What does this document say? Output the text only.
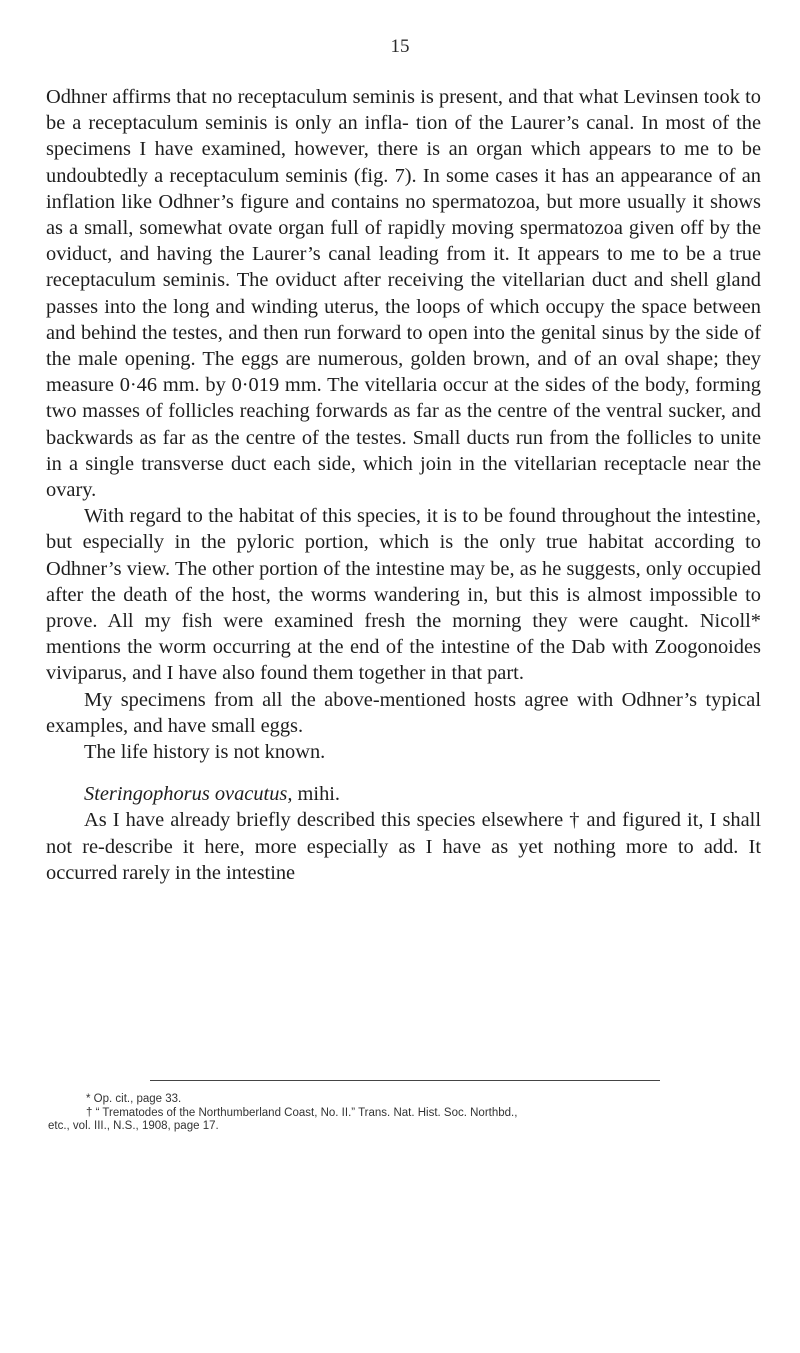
15

Odhner affirms that no receptaculum seminis is present, and that what Levinsen took to be a receptaculum seminis is only an infla- tion of the Laurer’s canal. In most of the specimens I have examined, however, there is an organ which appears to me to be undoubtedly a receptaculum seminis (fig. 7). In some cases it has an appearance of an inflation like Odhner’s figure and contains no spermatozoa, but more usually it shows as a small, somewhat ovate organ full of rapidly moving spermatozoa given off by the oviduct, and having the Laurer’s canal leading from it. It appears to me to be a true receptaculum seminis. The oviduct after receiving the vitellarian duct and shell gland passes into the long and winding uterus, the loops of which occupy the space between and behind the testes, and then run forward to open into the genital sinus by the side of the male opening. The eggs are numerous, golden brown, and of an oval shape; they measure 0·46 mm. by 0·019 mm. The vitellaria occur at the sides of the body, forming two masses of follicles reaching forwards as far as the centre of the ventral sucker, and backwards as far as the centre of the testes. Small ducts run from the follicles to unite in a single transverse duct each side, which join in the vitellarian receptacle near the ovary.

With regard to the habitat of this species, it is to be found throughout the intestine, but especially in the pyloric portion, which is the only true habitat according to Odhner’s view. The other portion of the intestine may be, as he suggests, only occupied after the death of the host, the worms wandering in, but this is almost impossible to prove. All my fish were examined fresh the morning they were caught. Nicoll* mentions the worm occurring at the end of the intestine of the Dab with Zoogonoides viviparus, and I have also found them together in that part.

My specimens from all the above-mentioned hosts agree with Odhner’s typical examples, and have small eggs.

The life history is not known.

Steringophorus ovacutus, mihi.

As I have already briefly described this species elsewhere † and figured it, I shall not re-describe it here, more especially as I have as yet nothing more to add. It occurred rarely in the intestine

* Op. cit., page 33.

† “ Trematodes of the Northumberland Coast, No. II.” Trans. Nat. Hist. Soc. Northbd.,

etc., vol. III., N.S., 1908, page 17.
